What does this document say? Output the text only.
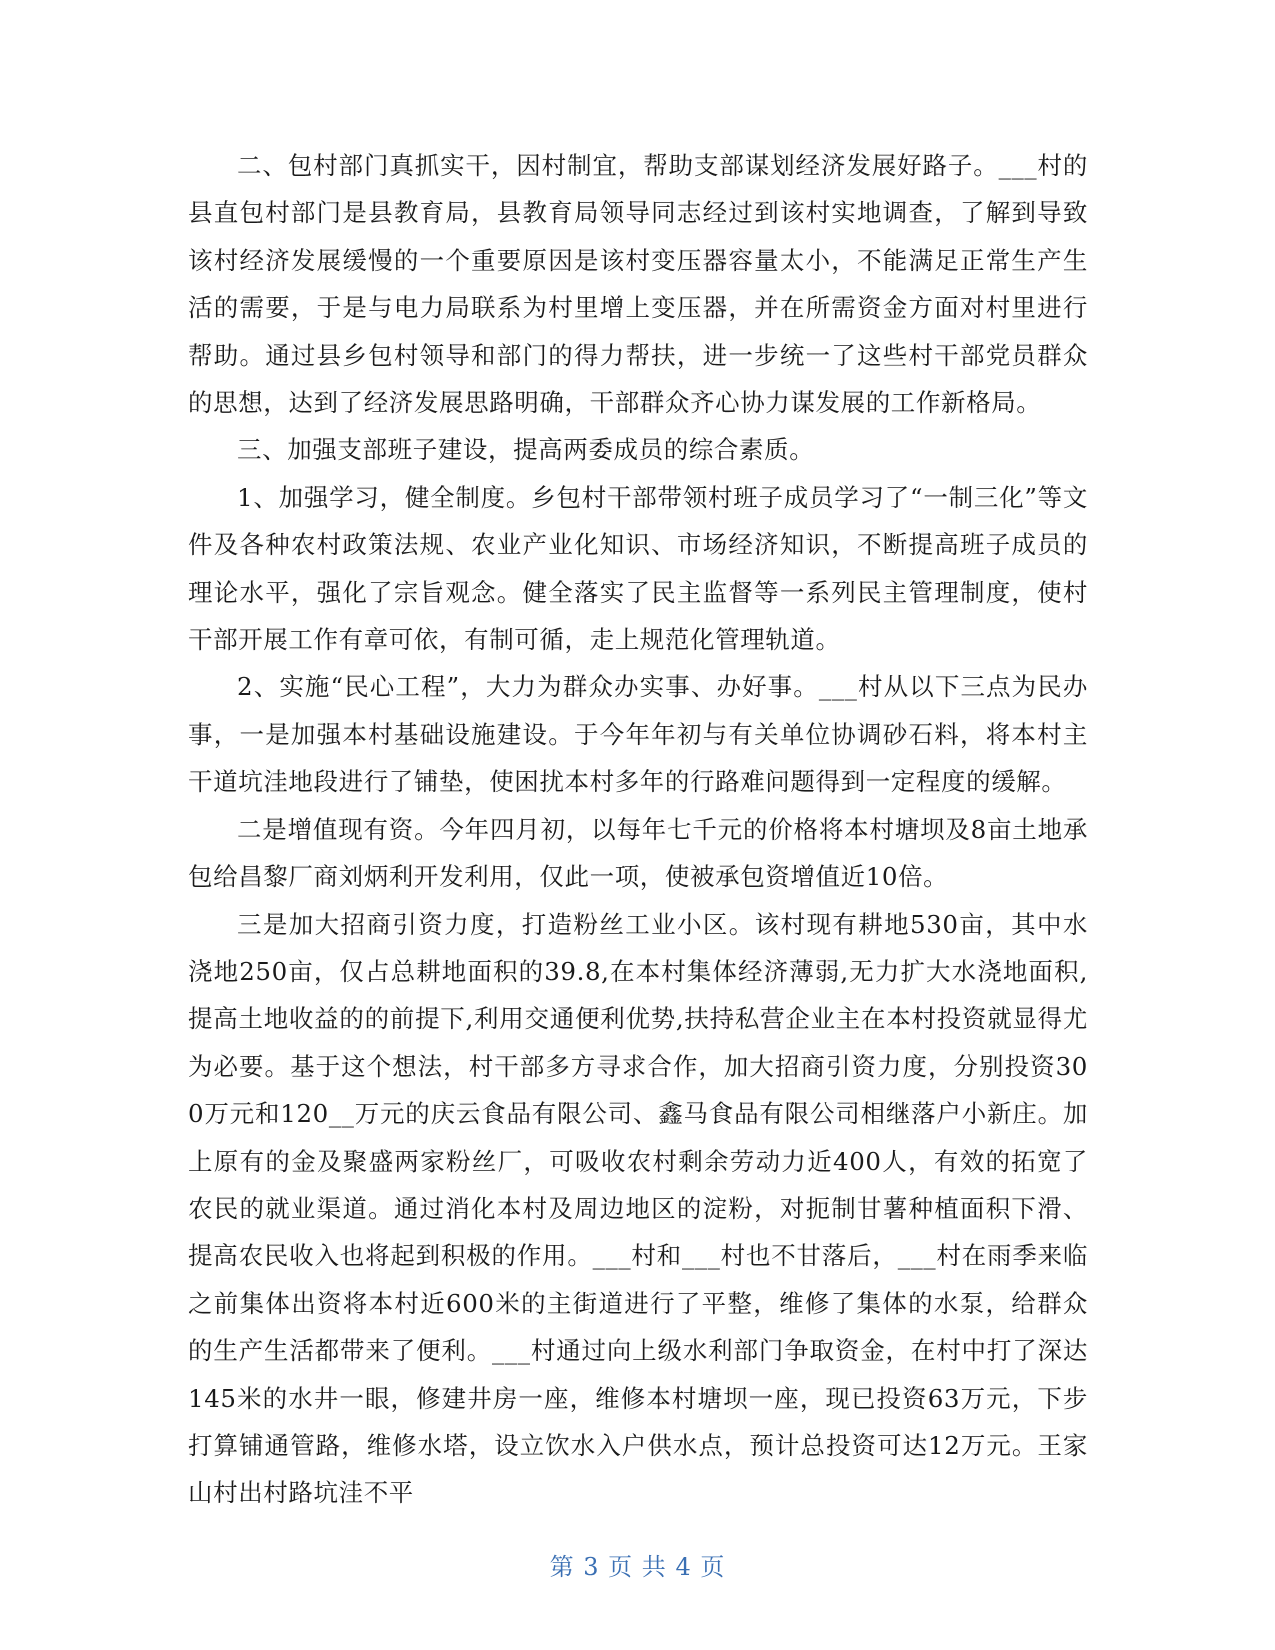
二、包村部门真抓实干，因村制宜，帮助支部谋划经济发展好路子。___村的县直包村部门是县教育局，县教育局领导同志经过到该村实地调查，了解到导致该村经济发展缓慢的一个重要原因是该村变压器容量太小，不能满足正常生产生活的需要，于是与电力局联系为村里增上变压器，并在所需资金方面对村里进行帮助。通过县乡包村领导和部门的得力帮扶，进一步统一了这些村干部党员群众的思想，达到了经济发展思路明确，干部群众齐心协力谋发展的工作新格局。

三、加强支部班子建设，提高两委成员的综合素质。

1、加强学习，健全制度。乡包村干部带领村班子成员学习了“一制三化”等文件及各种农村政策法规、农业产业化知识、市场经济知识，不断提高班子成员的理论水平，强化了宗旨观念。健全落实了民主监督等一系列民主管理制度，使村干部开展工作有章可依，有制可循，走上规范化管理轨道。

2、实施“民心工程”，大力为群众办实事、办好事。___村从以下三点为民办事，一是加强本村基础设施建设。于今年年初与有关单位协调砂石料，将本村主干道坑洼地段进行了铺垫，使困扰本村多年的行路难问题得到一定程度的缓解。

二是增值现有资。今年四月初，以每年七千元的价格将本村塘坝及8亩土地承包给昌黎厂商刘炳利开发利用，仅此一项，使被承包资增值近10倍。

三是加大招商引资力度，打造粉丝工业小区。该村现有耕地530亩，其中水浇地250亩，仅占总耕地面积的39.8,在本村集体经济薄弱,无力扩大水浇地面积,提高土地收益的的前提下,利用交通便利优势,扶持私营企业主在本村投资就显得尤为必要。基于这个想法，村干部多方寻求合作，加大招商引资力度，分别投资300万元和120__万元的庆云食品有限公司、鑫马食品有限公司相继落户小新庄。加上原有的金及聚盛两家粉丝厂，可吸收农村剩余劳动力近400人，有效的拓宽了农民的就业渠道。通过消化本村及周边地区的淀粉，对扼制甘薯种植面积下滑、提高农民收入也将起到积极的作用。___村和___村也不甘落后，___村在雨季来临之前集体出资将本村近600米的主街道进行了平整，维修了集体的水泵，给群众的生产生活都带来了便利。___村通过向上级水利部门争取资金，在村中打了深达145米的水井一眼，修建井房一座，维修本村塘坝一座，现已投资63万元，下步打算铺通管路，维修水塔，设立饮水入户供水点，预计总投资可达12万元。王家山村出村路坑洼不平

第 3 页 共 4 页
